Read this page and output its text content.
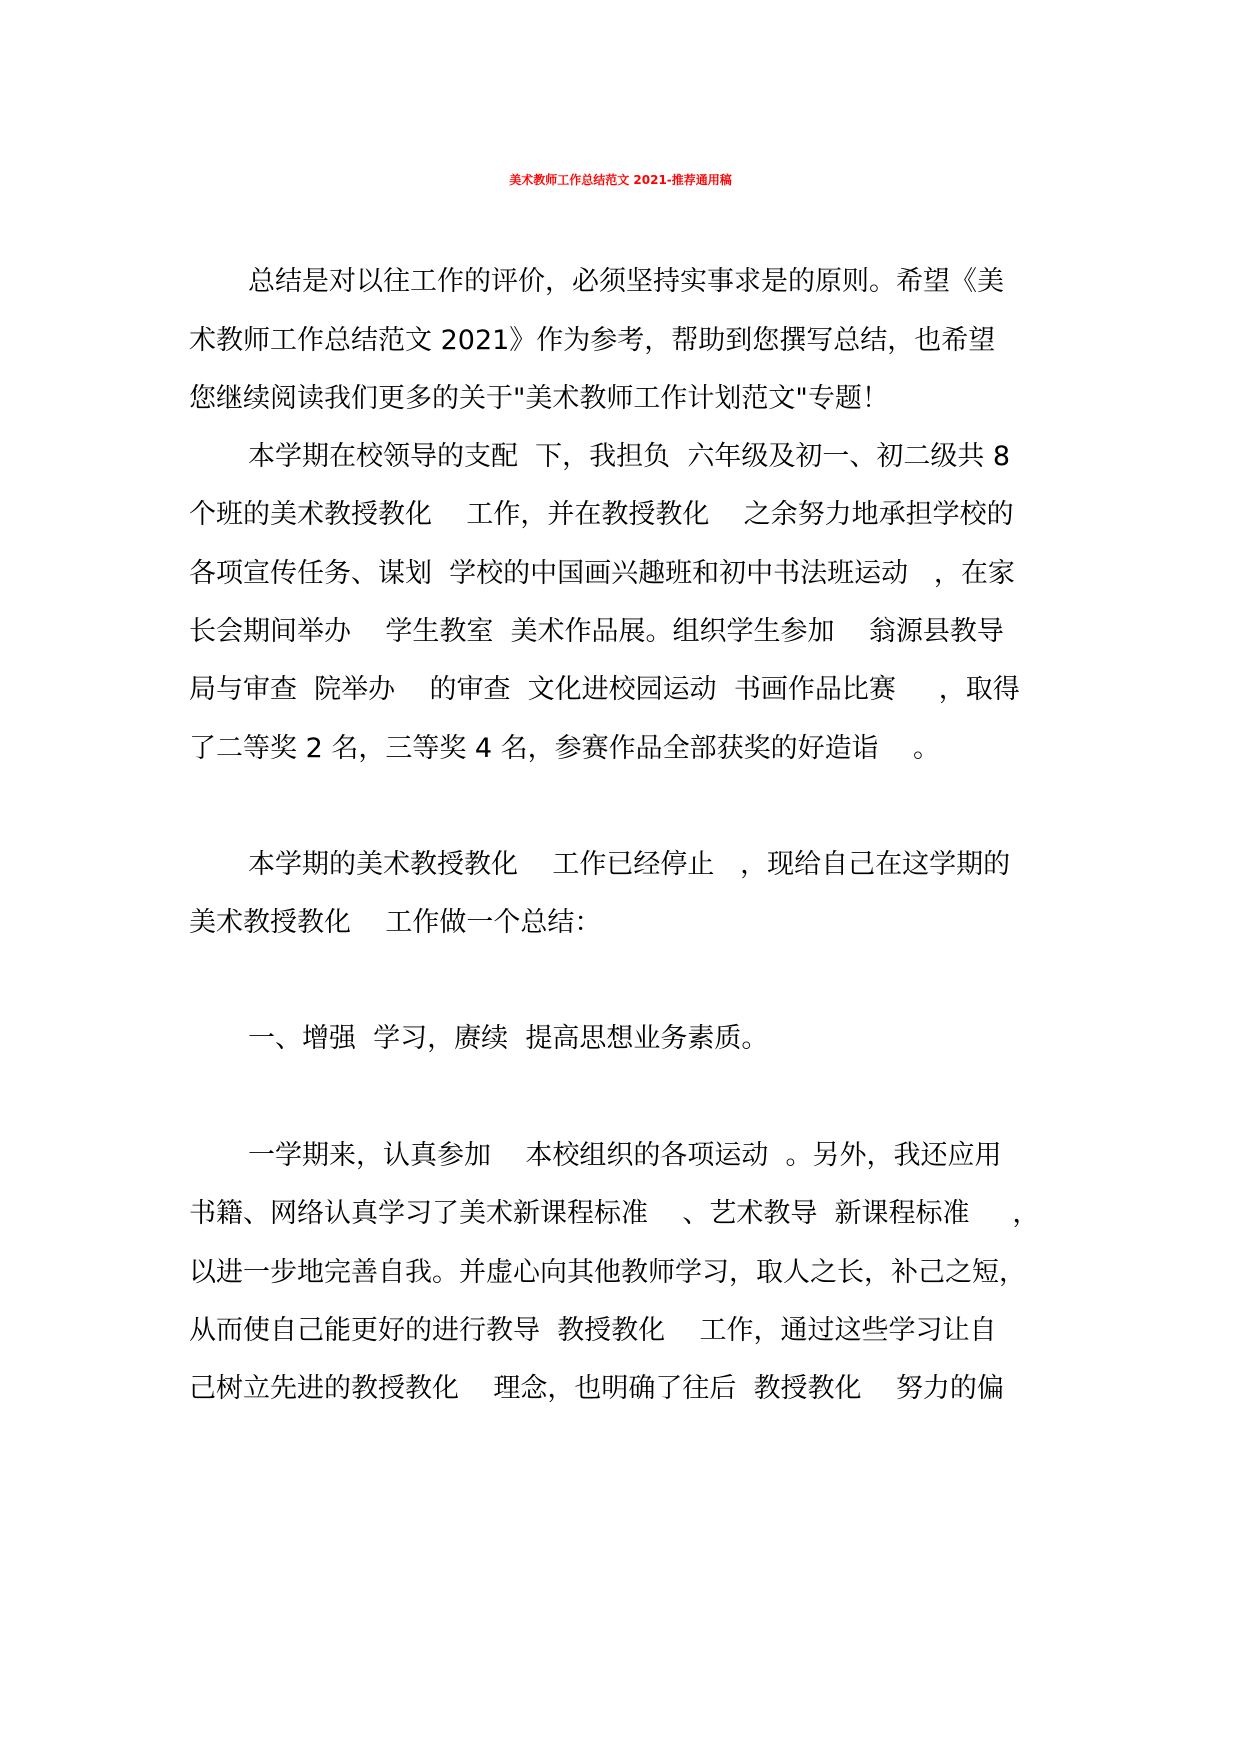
美术教师工作总结范文 2021-推荐通用稿
总结是对以往工作的评价，必须坚持实事求是的原则。希望《美
术教师工作总结范文 2021》作为参考，帮助到您撰写总结，也希望
您继续阅读我们更多的关于"美术教师工作计划范文"专题！
本学期在校领导的支配  下，我担负  六年级及初一、初二级共 8
个班的美术教授教化    工作，并在教授教化    之余努力地承担学校的
各项宣传任务、谋划  学校的中国画兴趣班和初中书法班运动   ，在家
长会期间举办    学生教室  美术作品展。组织学生参加    翁源县教导
局与审查  院举办    的审查  文化进校园运动  书画作品比赛     ，取得
了二等奖 2 名，三等奖 4 名，参赛作品全部获奖的好造诣    。
本学期的美术教授教化    工作已经停止   ，现给自己在这学期的
美术教授教化    工作做一个总结：
一、增强  学习，赓续  提高思想业务素质。
一学期来，认真参加    本校组织的各项运动  。另外，我还应用
书籍、网络认真学习了美术新课程标准    、艺术教导  新课程标准     ，
以进一步地完善自我。并虚心向其他教师学习，取人之长，补己之短，
从而使自己能更好的进行教导  教授教化    工作，通过这些学习让自
己树立先进的教授教化    理念，也明确了往后  教授教化    努力的偏
